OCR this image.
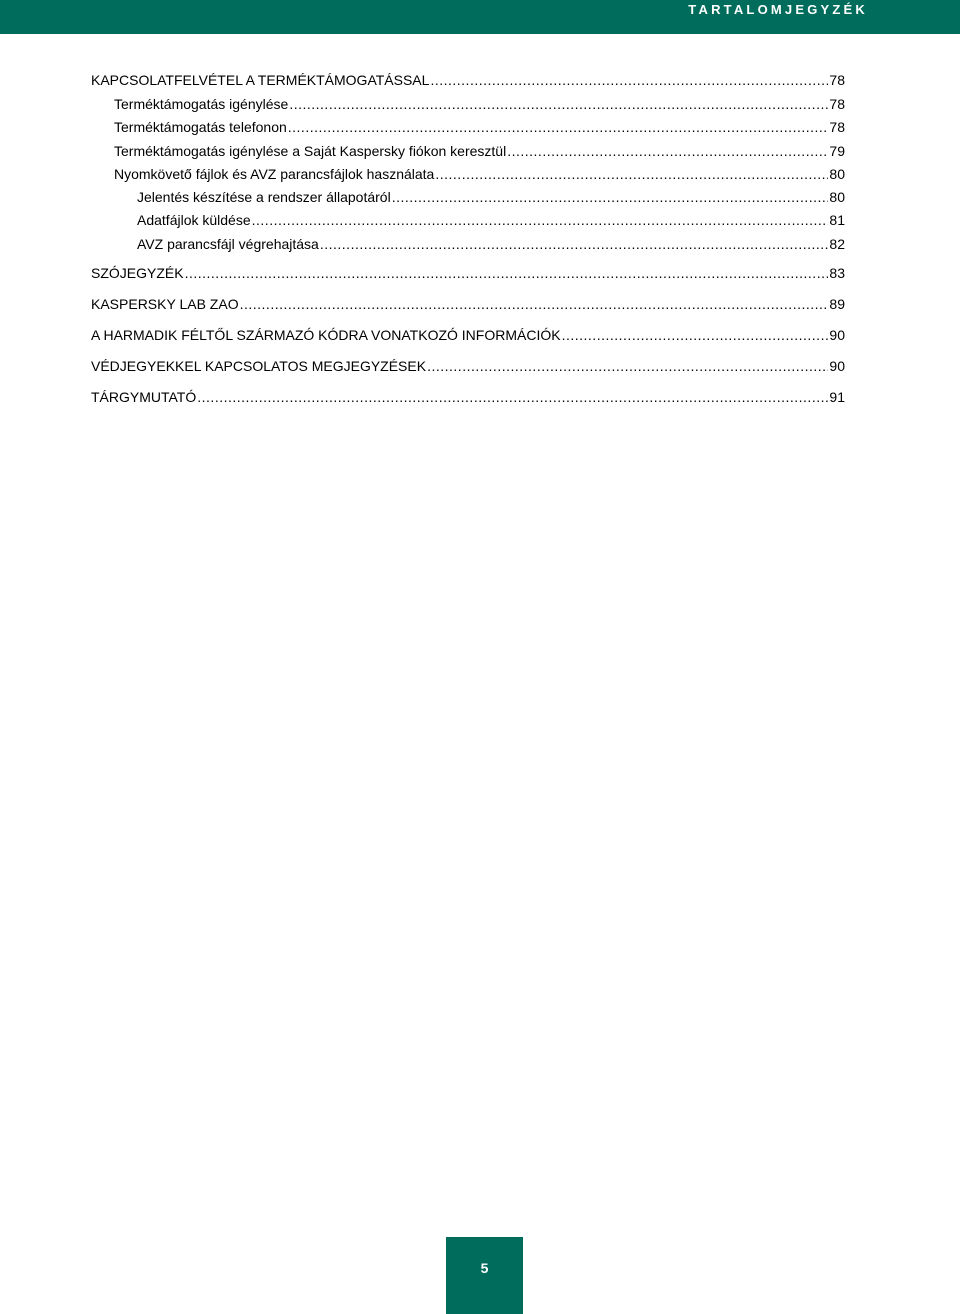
TARTALOMJEGYZÉK
KAPCSOLATFELVÉTEL A TERMÉKTÁMOGATÁSSAL .....	78
Terméktámogatás igénylése .....	78
Terméktámogatás telefonon .....	78
Terméktámogatás igénylése a Saját Kaspersky fiókon keresztül .....	79
Nyomkövető fájlok és AVZ parancsfájlok használata .....	80
Jelentés készítése a rendszer állapotáról .....	80
Adatfájlok küldése .....	81
AVZ parancsfájl végrehajtása .....	82
SZÓJEGYZÉK .....	83
KASPERSKY LAB ZAO .....	89
A HARMADIK FÉLTŐL SZÁRMAZÓ KÓDRA VONATKOZÓ INFORMÁCIÓK .....	90
VÉDJEGYEKKEL KAPCSOLATOS MEGJEGYZÉSEK .....	90
TÁRGYMUTATÓ .....	91
5
